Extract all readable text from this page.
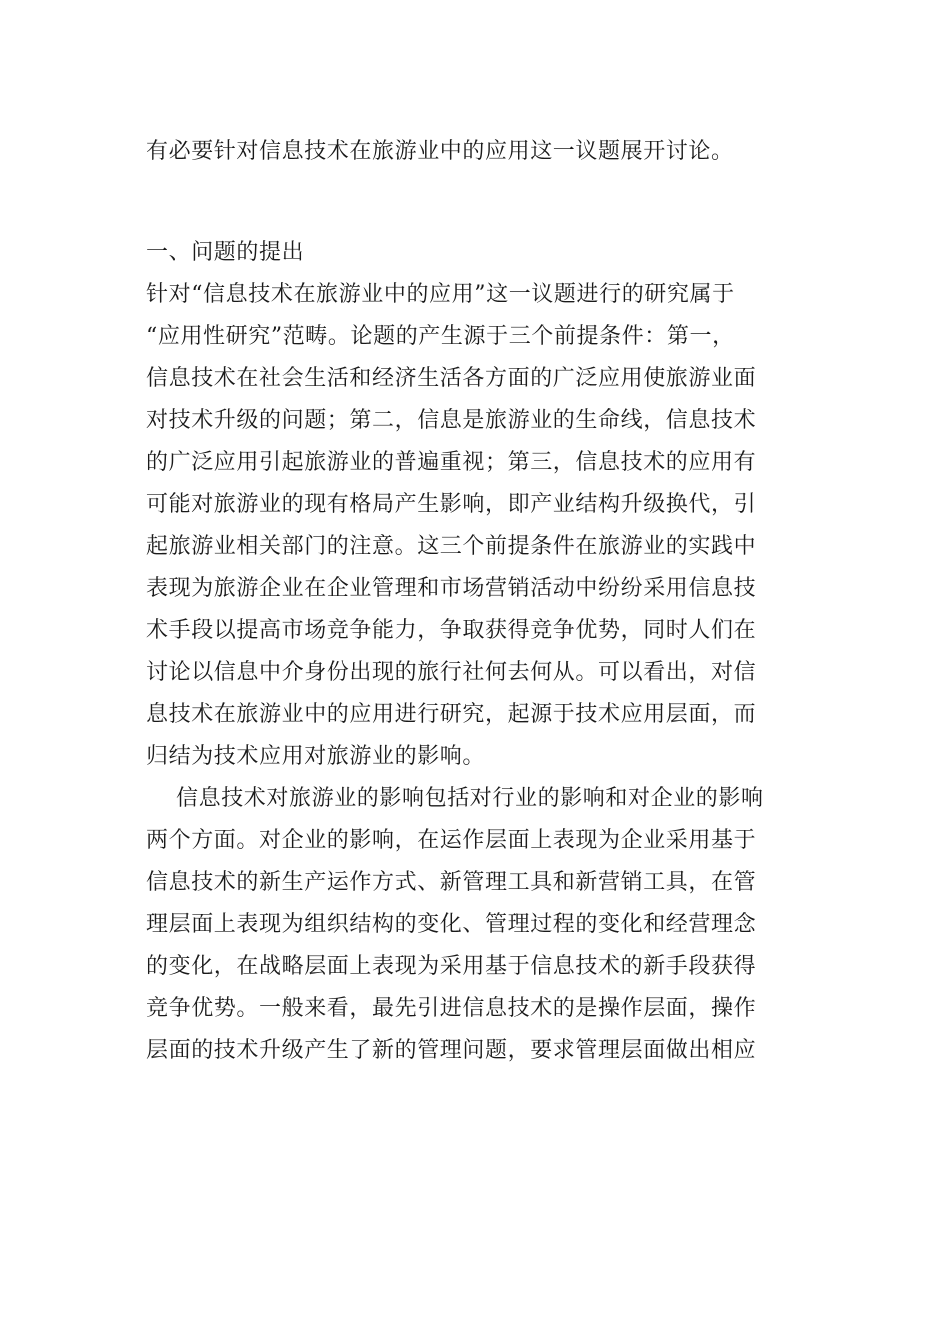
有必要针对信息技术在旅游业中的应用这一议题展开讨论。
一、问题的提出
针对“信息技术在旅游业中的应用”这一议题进行的研究属于
“应用性研究”范畴。论题的产生源于三个前提条件：第一，
信息技术在社会生活和经济生活各方面的广泛应用使旅游业面
对技术升级的问题；第二，信息是旅游业的生命线，信息技术
的广泛应用引起旅游业的普遍重视；第三，信息技术的应用有
可能对旅游业的现有格局产生影响，即产业结构升级换代，引
起旅游业相关部门的注意。这三个前提条件在旅游业的实践中
表现为旅游企业在企业管理和市场营销活动中纷纷采用信息技
术手段以提高市场竞争能力，争取获得竞争优势，同时人们在
讨论以信息中介身份出现的旅行社何去何从。可以看出，对信
息技术在旅游业中的应用进行研究，起源于技术应用层面，而
归结为技术应用对旅游业的影响。
信息技术对旅游业的影响包括对行业的影响和对企业的影响
两个方面。对企业的影响，在运作层面上表现为企业采用基于
信息技术的新生产运作方式、新管理工具和新营销工具，在管
理层面上表现为组织结构的变化、管理过程的变化和经营理念
的变化，在战略层面上表现为采用基于信息技术的新手段获得
竞争优势。一般来看，最先引进信息技术的是操作层面，操作
层面的技术升级产生了新的管理问题，要求管理层面做出相应
